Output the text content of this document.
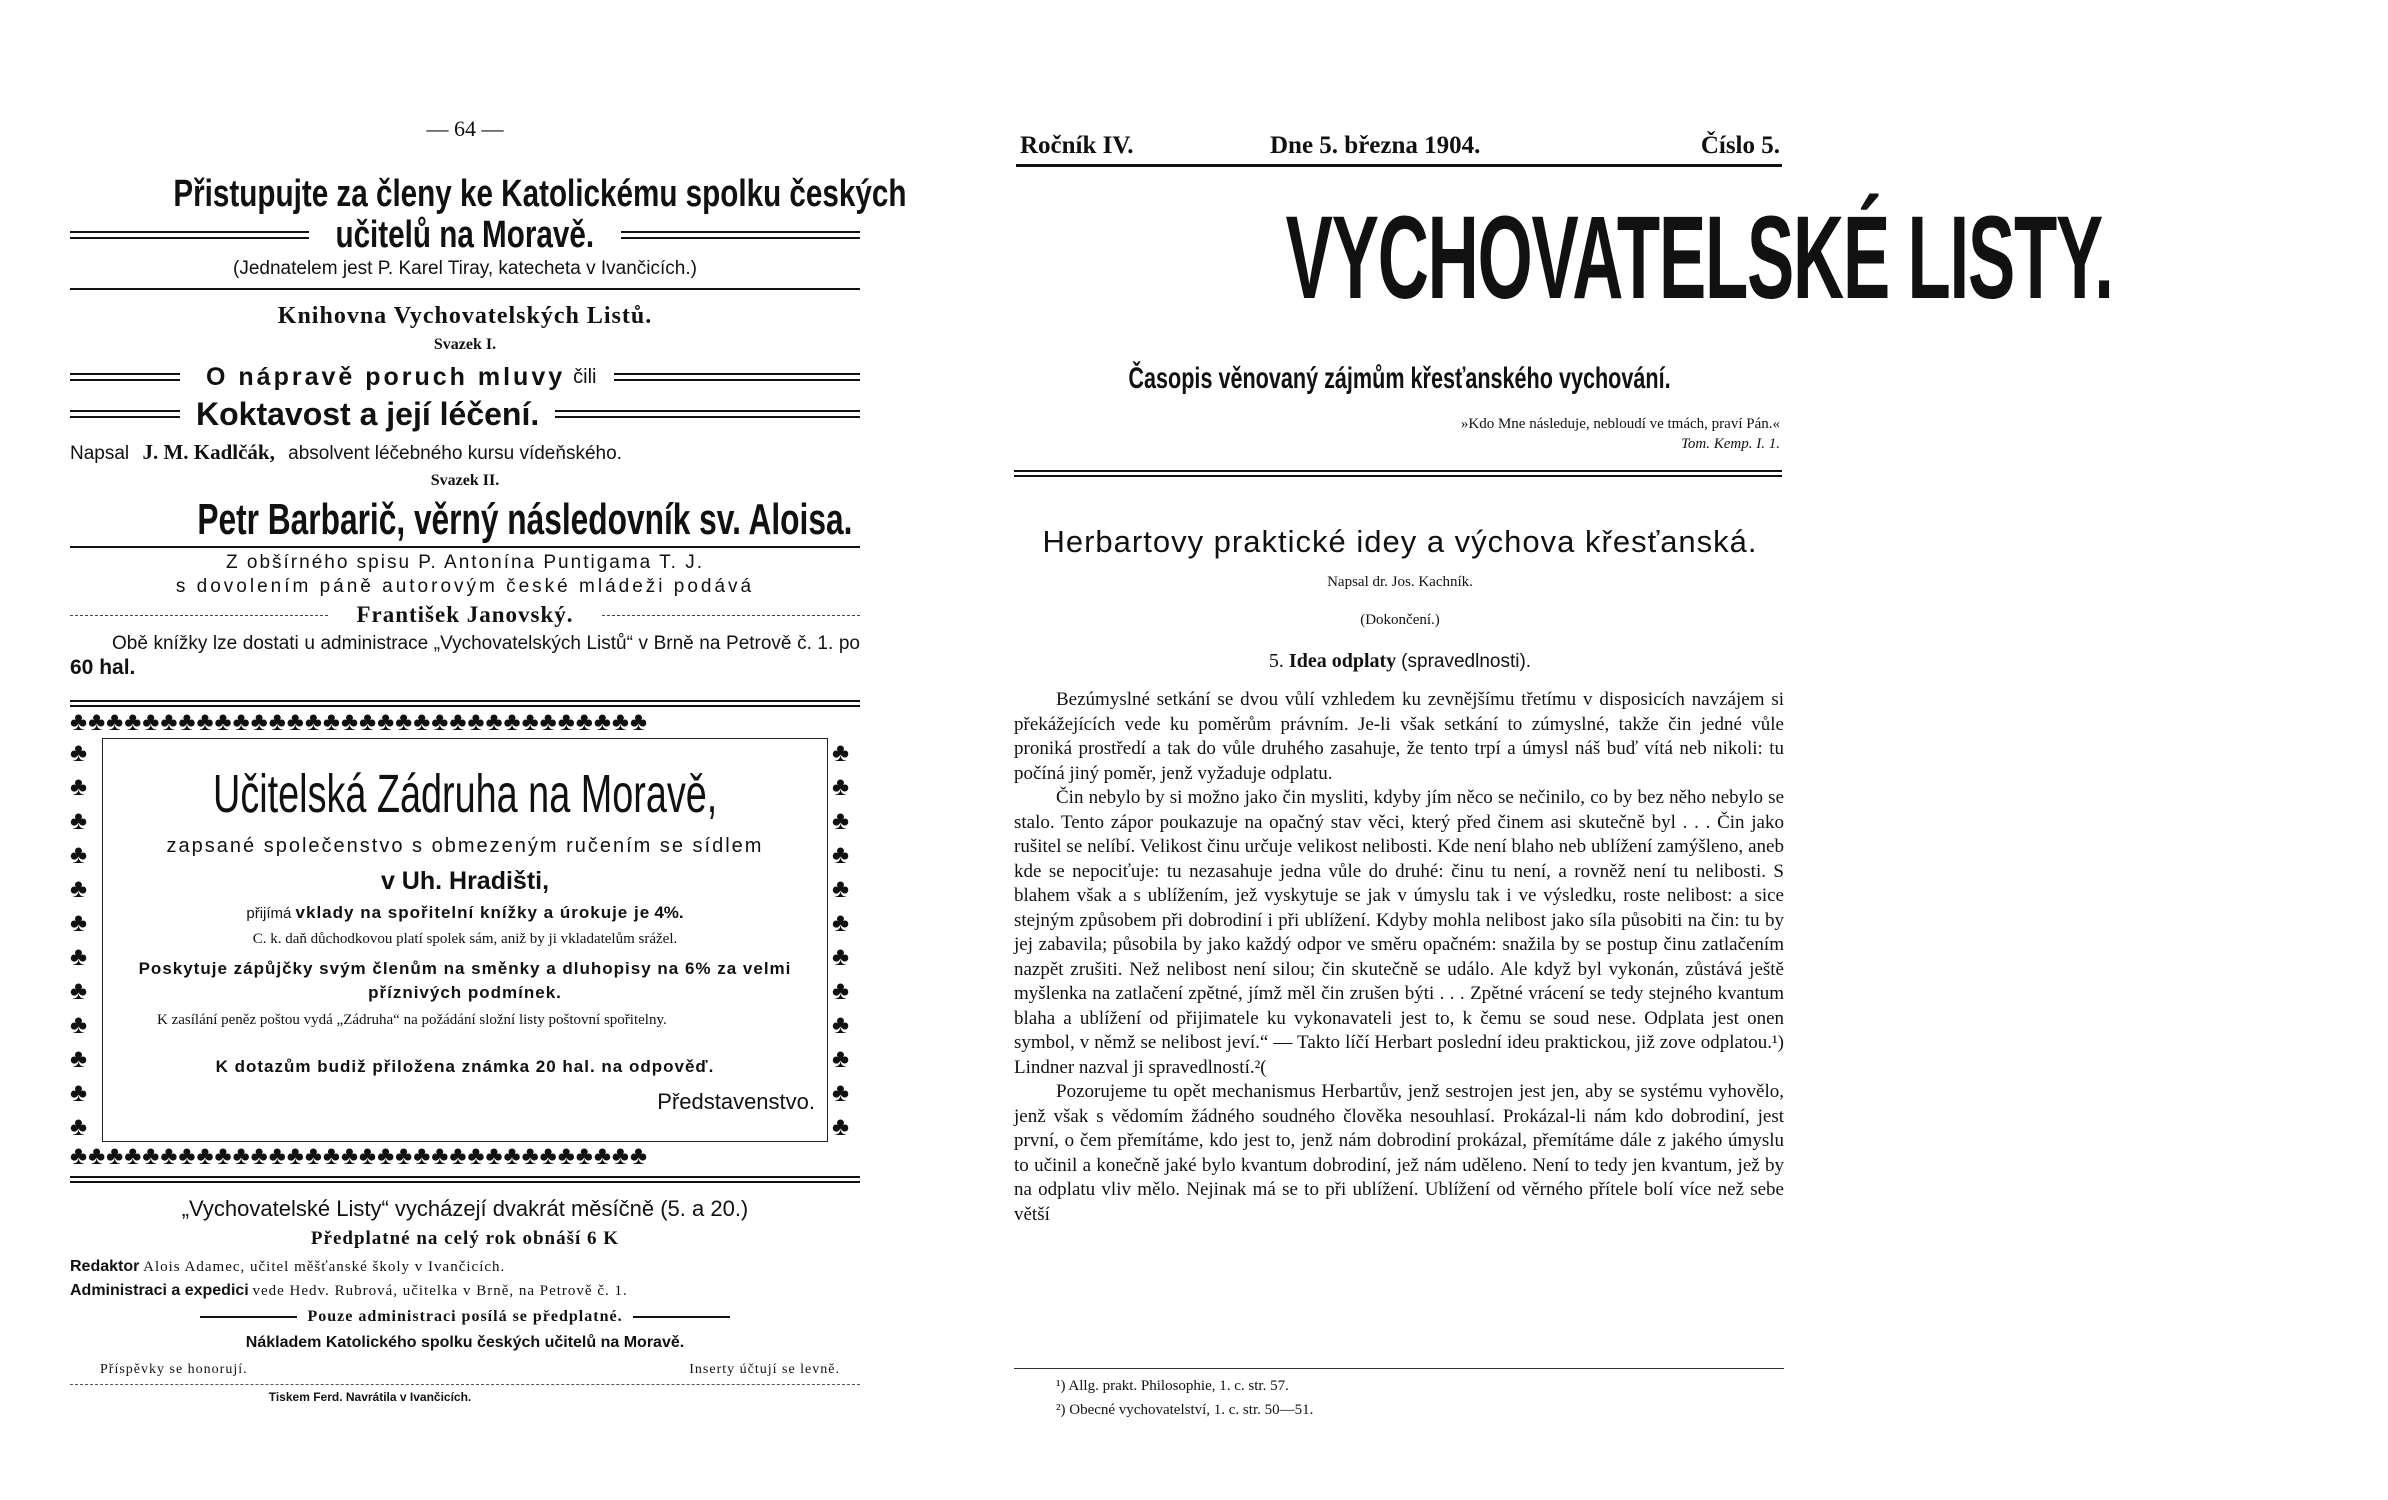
— 64 —
Přistupujte za členy ke Katolickému spolku českých
učitelů na Moravě.
(Jednatelem jest P. Karel Tiray, katecheta v Ivančicích.)
Knihovna Vychovatelských Listů.
Svazek I.
O nápravě poruch mluvy čili
Koktavost a její léčení.
Napsal J. M. Kadlčák, absolvent léčebného kursu vídeňského.
Svazek II.
Petr Barbarič, věrný následovník sv. Aloisa.
Z obšírného spisu P. Antonína Puntigama T. J.
s dovolením páně autorovým české mládeži podává
František Janovský.
Obě knížky lze dostati u administrace „Vychovatelských Listů“ v Brně na Petrově č. 1. po 60 hal.
♣♣♣♣♣♣♣♣♣♣♣♣♣♣♣♣♣♣♣♣♣♣♣♣♣♣♣♣♣♣♣♣
♣
♣
♣
♣
♣
♣
♣
♣
♣
♣
♣
♣
♣
♣
♣
♣
♣
♣
♣
♣
♣
♣
♣
♣
♣♣♣♣♣♣♣♣♣♣♣♣♣♣♣♣♣♣♣♣♣♣♣♣♣♣♣♣♣♣♣♣
Učitelská Zádruha na Moravě,
zapsané společenstvo s obmezeným ručením se sídlem
v Uh. Hradišti,
přijímá vklady na spořitelní knížky a úrokuje je 4%.
C. k. daň důchodkovou platí spolek sám, aniž by ji vkladatelům srážel.
Poskytuje zápůjčky svým členům na směnky a dluhopisy na 6% za velmi příznivých podmínek.
K zasílání peněz poštou vydá „Zádruha“ na požádání složní listy poštovní spořitelny.
K dotazům budiž přiložena známka 20 hal. na odpověď.
Představenstvo.
„Vychovatelské Listy“ vycházejí dvakrát měsíčně (5. a 20.)
Předplatné na celý rok obnáší 6 K
Redaktor Alois Adamec, učitel měšťanské školy v Ivančicích.
Administraci a expedici vede Hedv. Rubrová, učitelka v Brně, na Petrově č. 1.
Pouze administraci posílá se předplatné.
Nákladem Katolického spolku českých učitelů na Moravě.
Příspěvky se honorují.	Inserty účtují se levně.
Tiskem Ferd. Navrátila v Ivančicích.
Ročník IV.	Dne 5. března 1904.	Číslo 5.
VYCHOVATELSKÉ LISTY.
Časopis věnovaný zájmům křesťanského vychování.
»Kdo Mne následuje, nebloudí ve tmách, praví Pán.«
Tom. Kemp. I. 1.
Herbartovy praktické idey a výchova křesťanská.
Napsal dr. Jos. Kachník.
(Dokončení.)
5. Idea odplaty (spravedlnosti).

Bezúmyslné setkání se dvou vůlí vzhledem ku zevnějšímu třetímu v disposicích navzájem si překážejících vede ku poměrům právním. Je-li však setkání to zúmyslné, takže čin jedné vůle proniká prostředí a tak do vůle druhého zasahuje, že tento trpí a úmysl náš buď vítá neb nikoli: tu počíná jiný poměr, jenž vyžaduje odplatu.

Čin nebylo by si možno jako čin mysliti, kdyby jím něco se nečinilo, co by bez něho nebylo se stalo. Tento zápor poukazuje na opačný stav věci, který před činem asi skutečně byl . . . Čin jako rušitel se nelíbí. Velikost činu určuje velikost nelibosti. Kde není blaho neb ublížení zamýšleno, aneb kde se nepociťuje: tu nezasahuje jedna vůle do druhé: činu tu není, a rovněž není tu nelibosti. S blahem však a s ublížením, jež vyskytuje se jak v úmyslu tak i ve výsledku, roste nelibost: a sice stejným způsobem při dobrodiní i při ublížení. Kdyby mohla nelibost jako síla působiti na čin: tu by jej zabavila; působila by jako každý odpor ve směru opačném: snažila by se postup činu zatlačením nazpět zrušiti. Než nelibost není silou; čin skutečně se událo. Ale když byl vykonán, zůstává ještě myšlenka na zatlačení zpětné, jímž měl čin zrušen býti . . . Zpětné vrácení se tedy stejného kvantum blaha a ublížení od přijimatele ku vykonavateli jest to, k čemu se soud nese. Odplata jest onen symbol, v němž se nelibost jeví.“ — Takto líčí Herbart poslední ideu praktickou, již zove odplatou.¹) Lindner nazval ji spravedlností.²(

Pozorujeme tu opět mechanismus Herbartův, jenž sestrojen jest jen, aby se systému vyhovělo, jenž však s vědomím žádného soudného člověka nesouhlasí. Prokázal-li nám kdo dobrodiní, jest první, o čem přemítáme, kdo jest to, jenž nám dobrodiní prokázal, přemítáme dále z jakého úmyslu to učinil a konečně jaké bylo kvantum dobrodiní, jež nám uděleno. Není to tedy jen kvantum, jež by na odplatu vliv mělo. Nejinak má se to při ublížení. Ublížení od věrného přítele bolí více než sebe větší

¹) Allg. prakt. Philosophie, 1. c. str. 57.
²) Obecné vychovatelství, 1. c. str. 50—51.
